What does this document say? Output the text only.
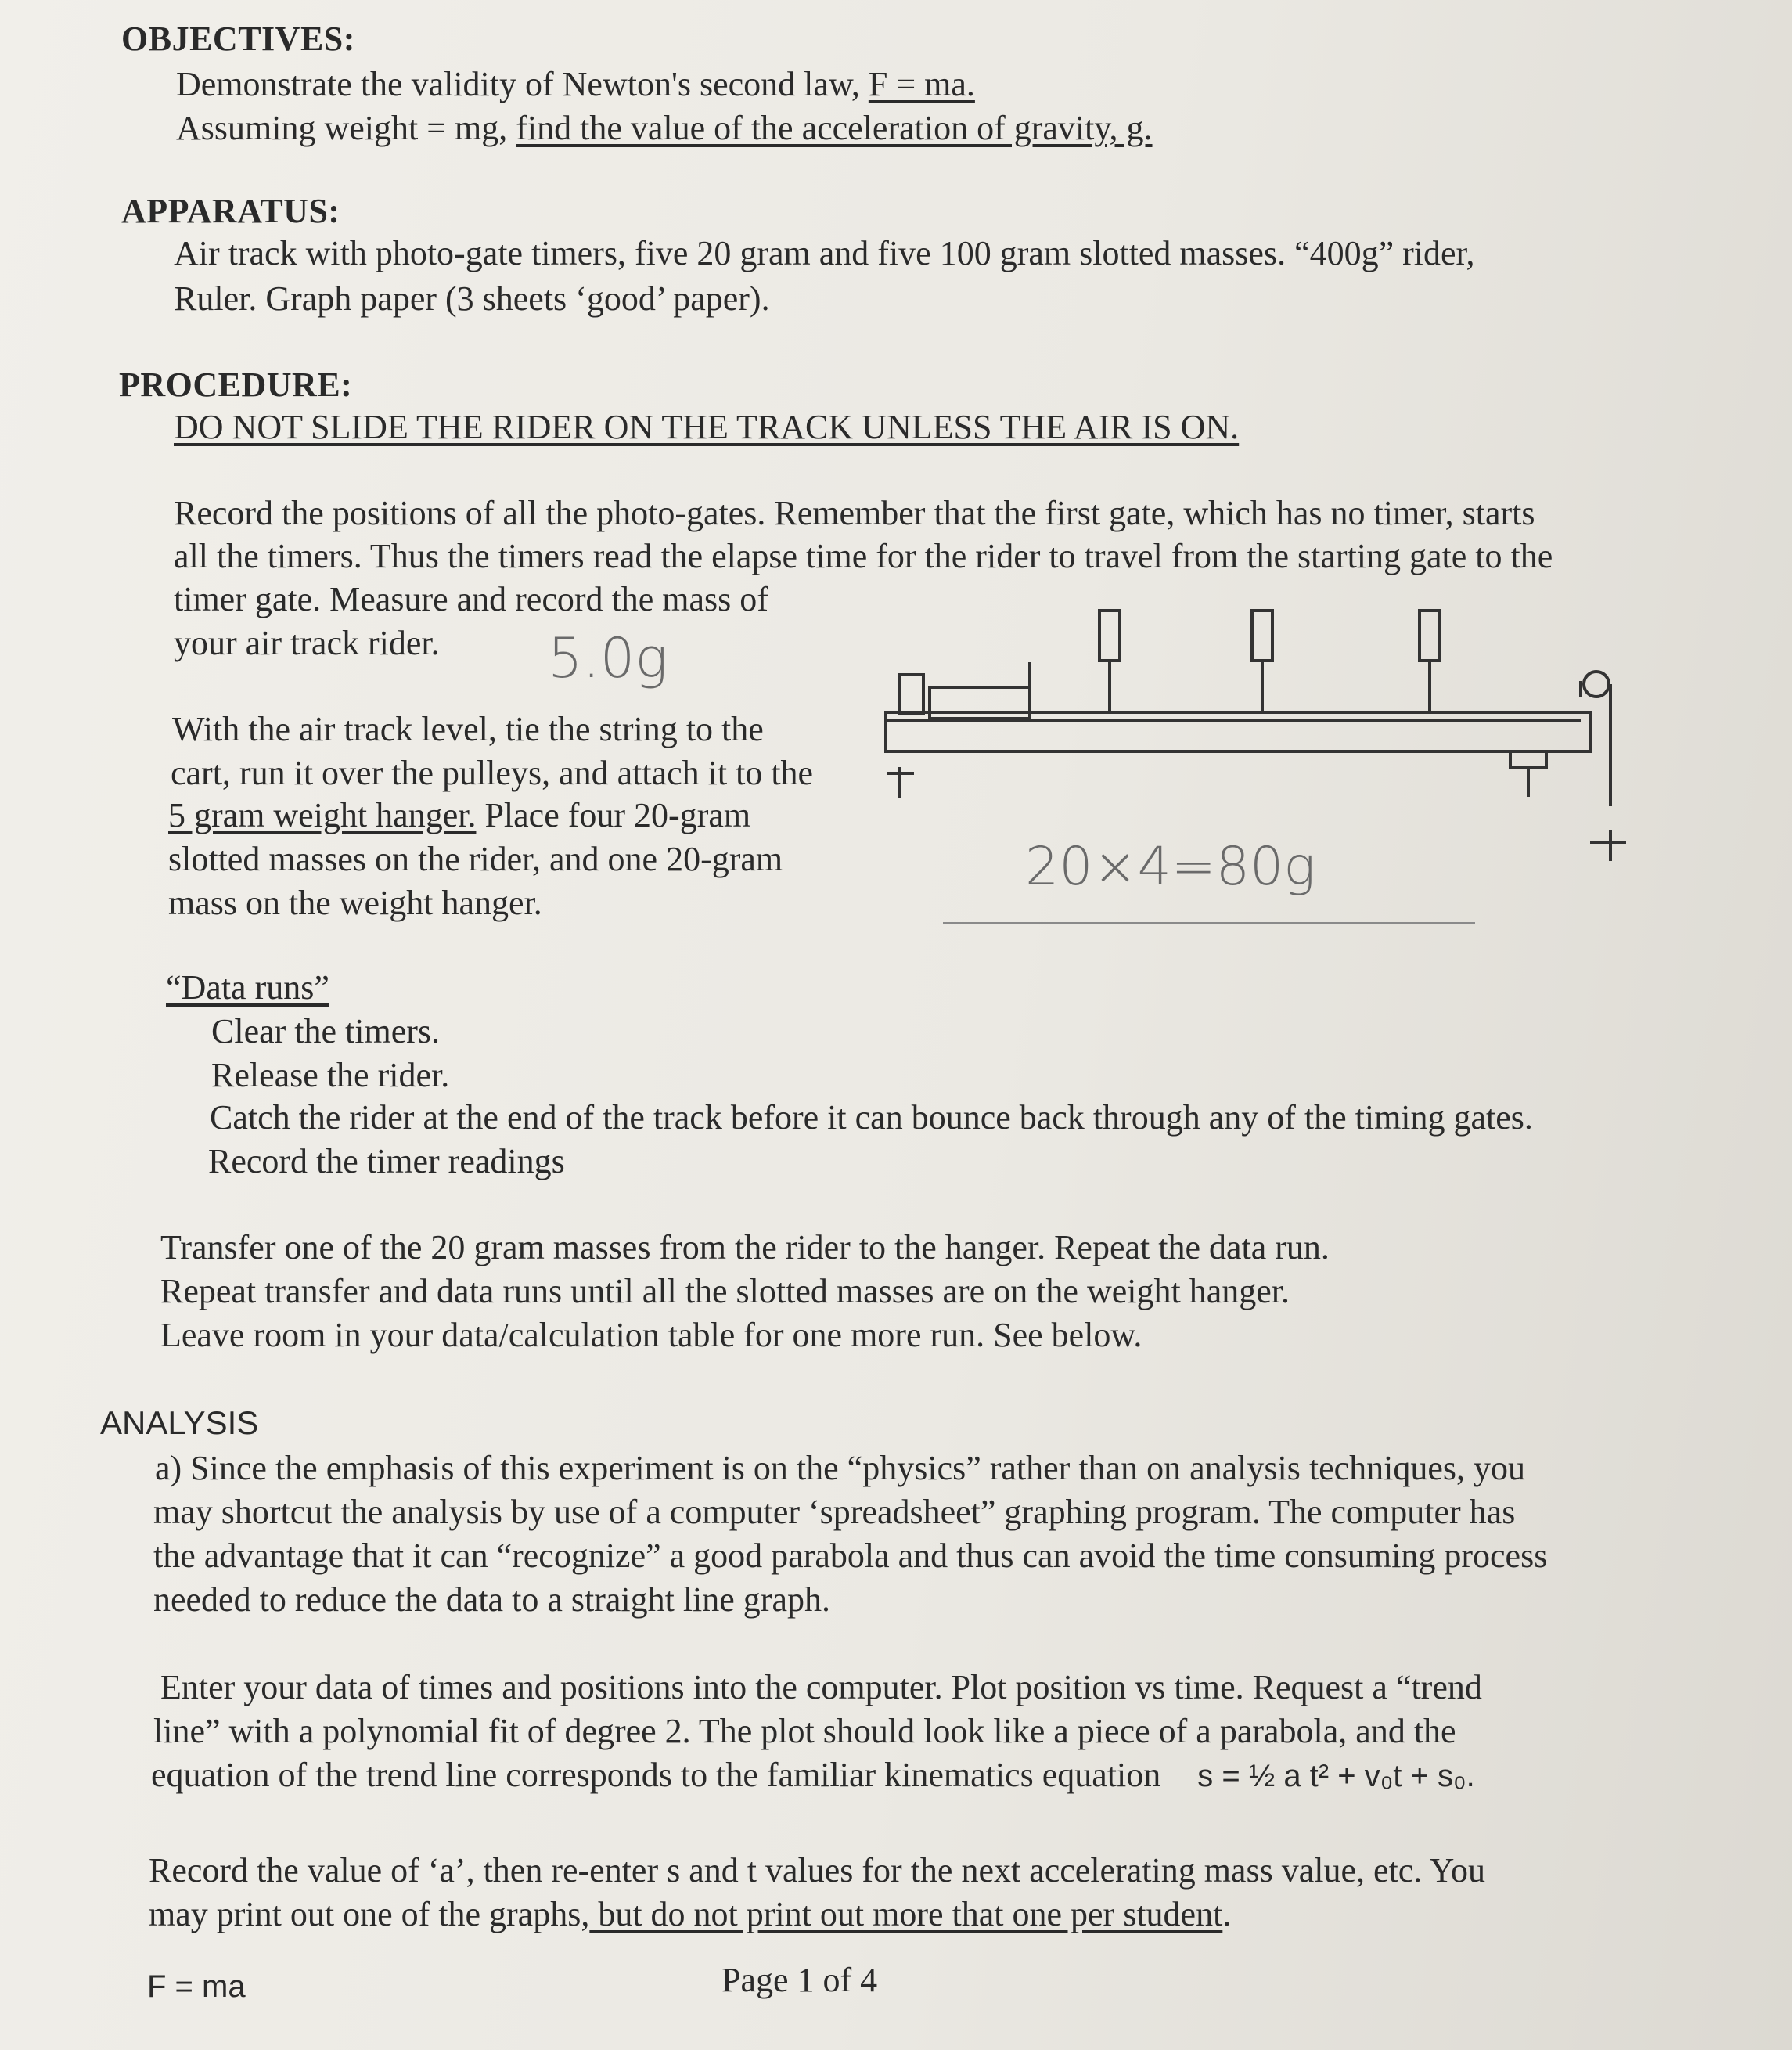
OBJECTIVES:
Demonstrate the validity of Newton's second law, F = ma.
Assuming weight = mg, find the value of the acceleration of gravity, g.
APPARATUS:
Air track with photo-gate timers, five 20 gram and five 100 gram slotted masses. “400g” rider,
Ruler. Graph paper (3 sheets ‘good’ paper).
PROCEDURE:
DO NOT SLIDE THE RIDER ON THE TRACK UNLESS THE AIR IS ON.
Record the positions of all the photo-gates. Remember that the first gate, which has no timer, starts
all the timers. Thus the timers read the elapse time for the rider to travel from the starting gate to the
timer gate. Measure and record the mass of
your air track rider. 5.0g
With the air track level, tie the string to the
cart, run it over the pulleys, and attach it to the
5 gram weight hanger. Place four 20-gram
slotted masses on the rider, and one 20-gram
mass on the weight hanger.
20×4=80g
“Data runs”
Clear the timers.
Release the rider.
Catch the rider at the end of the track before it can bounce back through any of the timing gates.
Record the timer readings
Transfer one of the 20 gram masses from the rider to the hanger. Repeat the data run.
Repeat transfer and data runs until all the slotted masses are on the weight hanger.
Leave room in your data/calculation table for one more run. See below.
ANALYSIS
a) Since the emphasis of this experiment is on the “physics” rather than on analysis techniques, you
may shortcut the analysis by use of a computer ‘spreadsheet” graphing program. The computer has
the advantage that it can “recognize” a good parabola and thus can avoid the time consuming process
needed to reduce the data to a straight line graph.
Enter your data of times and positions into the computer. Plot position vs time. Request a “trend
line” with a polynomial fit of degree 2. The plot should look like a piece of a parabola, and the
equation of the trend line corresponds to the familiar kinematics equation s = ½ a t² + v₀t + s₀.
Record the value of ‘a’, then re-enter s and t values for the next accelerating mass value, etc. You
may print out one of the graphs, but do not print out more that one per student.
F = ma	Page 1 of 4
